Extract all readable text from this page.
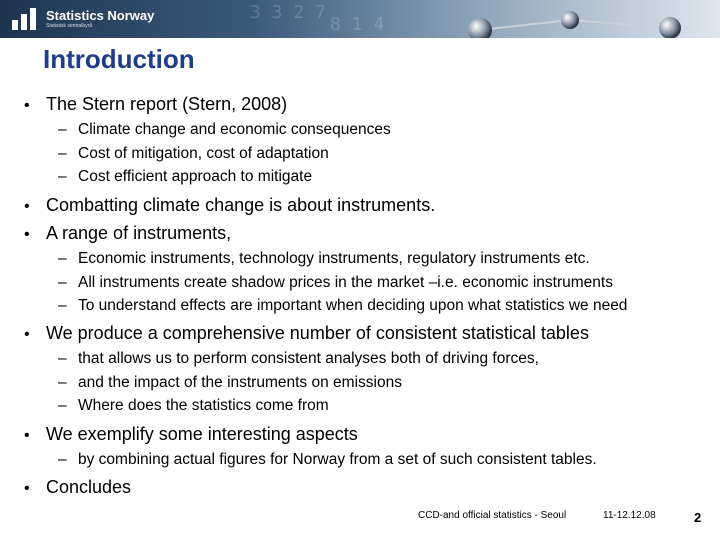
3 3 2 7
8 1 4
Statistics Norway
Statistisk sentralbyrå
Introduction
• The Stern report (Stern, 2008)
– Climate change and economic consequences
– Cost of mitigation, cost of adaptation
– Cost efficient approach to mitigate
• Combatting climate change is about instruments.
• A range of instruments,
– Economic instruments, technology instruments, regulatory instruments etc.
– All instruments create shadow prices in the market –i.e. economic instruments
– To understand effects are important when deciding upon what statistics we need
• We produce a comprehensive number of consistent statistical tables
– that allows us to perform consistent analyses both of driving forces,
– and the impact of the instruments on emissions
– Where does the statistics come from
• We exemplify some interesting aspects
– by combining actual figures for Norway from a set of such consistent tables.
• Concludes
CCD-and official statistics - Seoul	11-12.12.08	2
